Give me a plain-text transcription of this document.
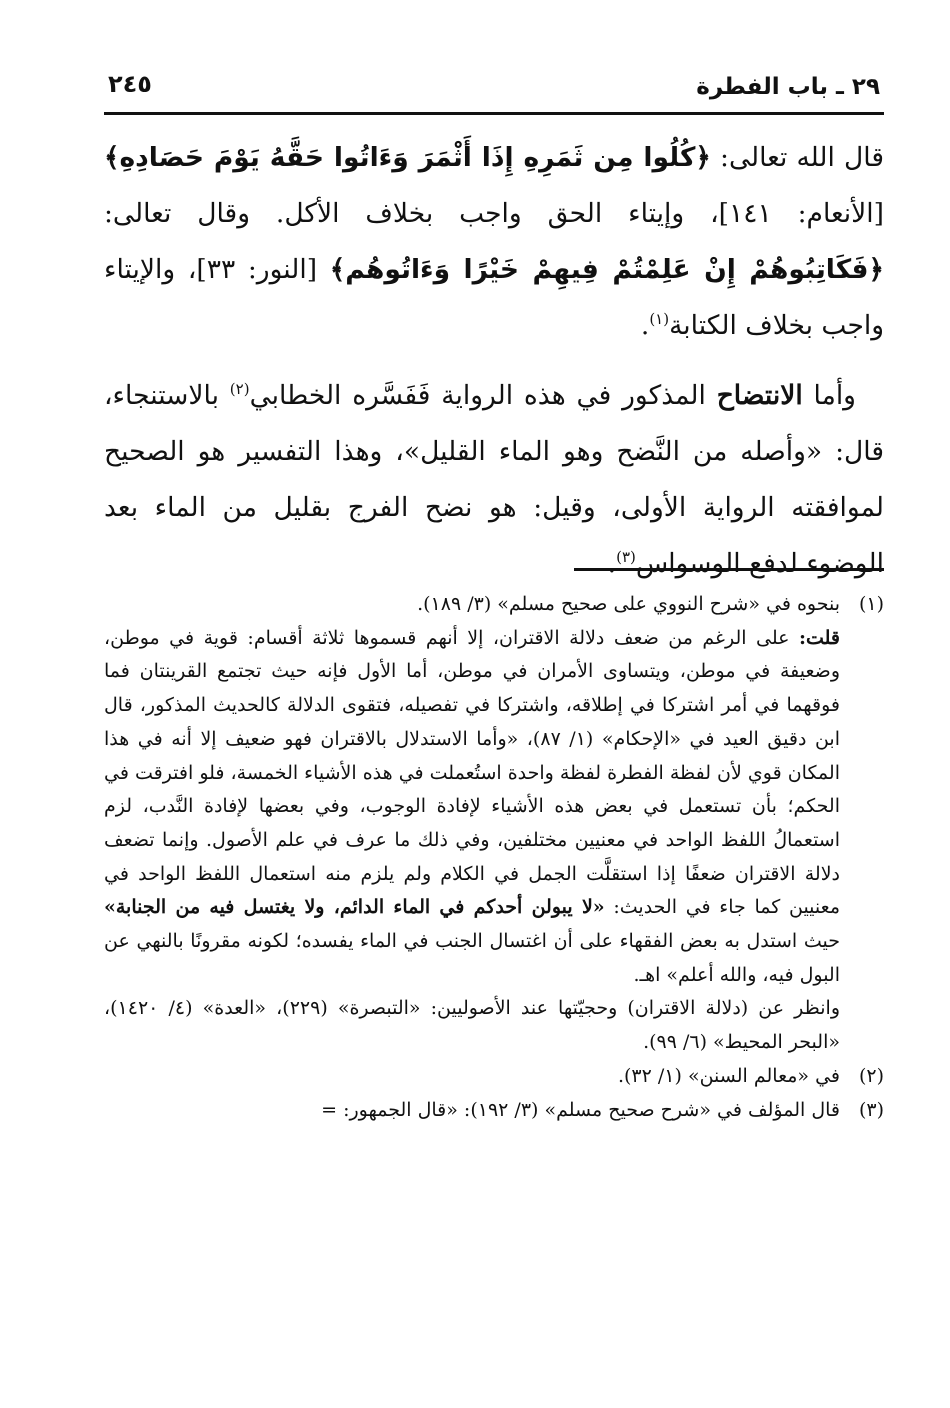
٢٩ ـ باب الفطرة
٢٤٥

قال الله تعالى: ﴿كُلُوا مِن ثَمَرِهِ إِذَا أَثْمَرَ وَءَاتُوا حَقَّهُ يَوْمَ حَصَادِهِ﴾ [الأنعام: ١٤١]، وإيتاء الحق واجب بخلاف الأكل. وقال تعالى: ﴿فَكَاتِبُوهُمْ إِنْ عَلِمْتُمْ فِيهِمْ خَيْرًا وَءَاتُوهُم﴾ [النور: ٣٣]، والإيتاء واجب بخلاف الكتابة$^{(١)}$.

وأما الانتضاح المذكور في هذه الرواية فَفَسَّره الخطابي$^{(٢)}$ بالاستنجاء، قال: «وأصله من النَّضح وهو الماء القليل»، وهذا التفسير هو الصحيح لموافقته الرواية الأولى، وقيل: هو نضح الفرج بقليل من الماء بعد الوضوء لدفع الوسواس$^{(٣)}$.

(١)

بنحوه في «شرح النووي على صحيح مسلم» (٣/ ١٨٩).

قلت: على الرغم من ضعف دلالة الاقتران، إلا أنهم قسموها ثلاثة أقسام: قوية في موطن، وضعيفة في موطن، ويتساوى الأمران في موطن، أما الأول فإنه حيث تجتمع القرينتان فما فوقهما في أمر اشتركا في إطلاقه، واشتركا في تفصيله، فتقوى الدلالة كالحديث المذكور، قال ابن دقيق العيد في «الإحكام» (١/ ٨٧)، «وأما الاستدلال بالاقتران فهو ضعيف إلا أنه في هذا المكان قوي لأن لفظة الفطرة لفظة واحدة استُعملت في هذه الأشياء الخمسة، فلو افترقت في الحكم؛ بأن تستعمل في بعض هذه الأشياء لإفادة الوجوب، وفي بعضها لإفادة النَّدب، لزم استعمالُ اللفظ الواحد في معنيين مختلفين، وفي ذلك ما عرف في علم الأصول. وإنما تضعف دلالة الاقتران ضعفًا إذا استقلَّت الجمل في الكلام ولم يلزم منه استعمال اللفظ الواحد في معنيين كما جاء في الحديث: «لا يبولن أحدكم في الماء الدائم، ولا يغتسل فيه من الجنابة» حيث استدل به بعض الفقهاء على أن اغتسال الجنب في الماء يفسده؛ لكونه مقرونًا بالنهي عن البول فيه، والله أعلم» اهـ.

وانظر عن (دلالة الاقتران) وحجيّتها عند الأصوليين: «التبصرة» (٢٢٩)، «العدة» (٤/ ١٤٢٠)، «البحر المحيط» (٦/ ٩٩).

(٢)
في «معالم السنن» (١/ ٣٢).
(٣)
قال المؤلف في «شرح صحيح مسلم» (٣/ ١٩٢): «قال الجمهور: =
